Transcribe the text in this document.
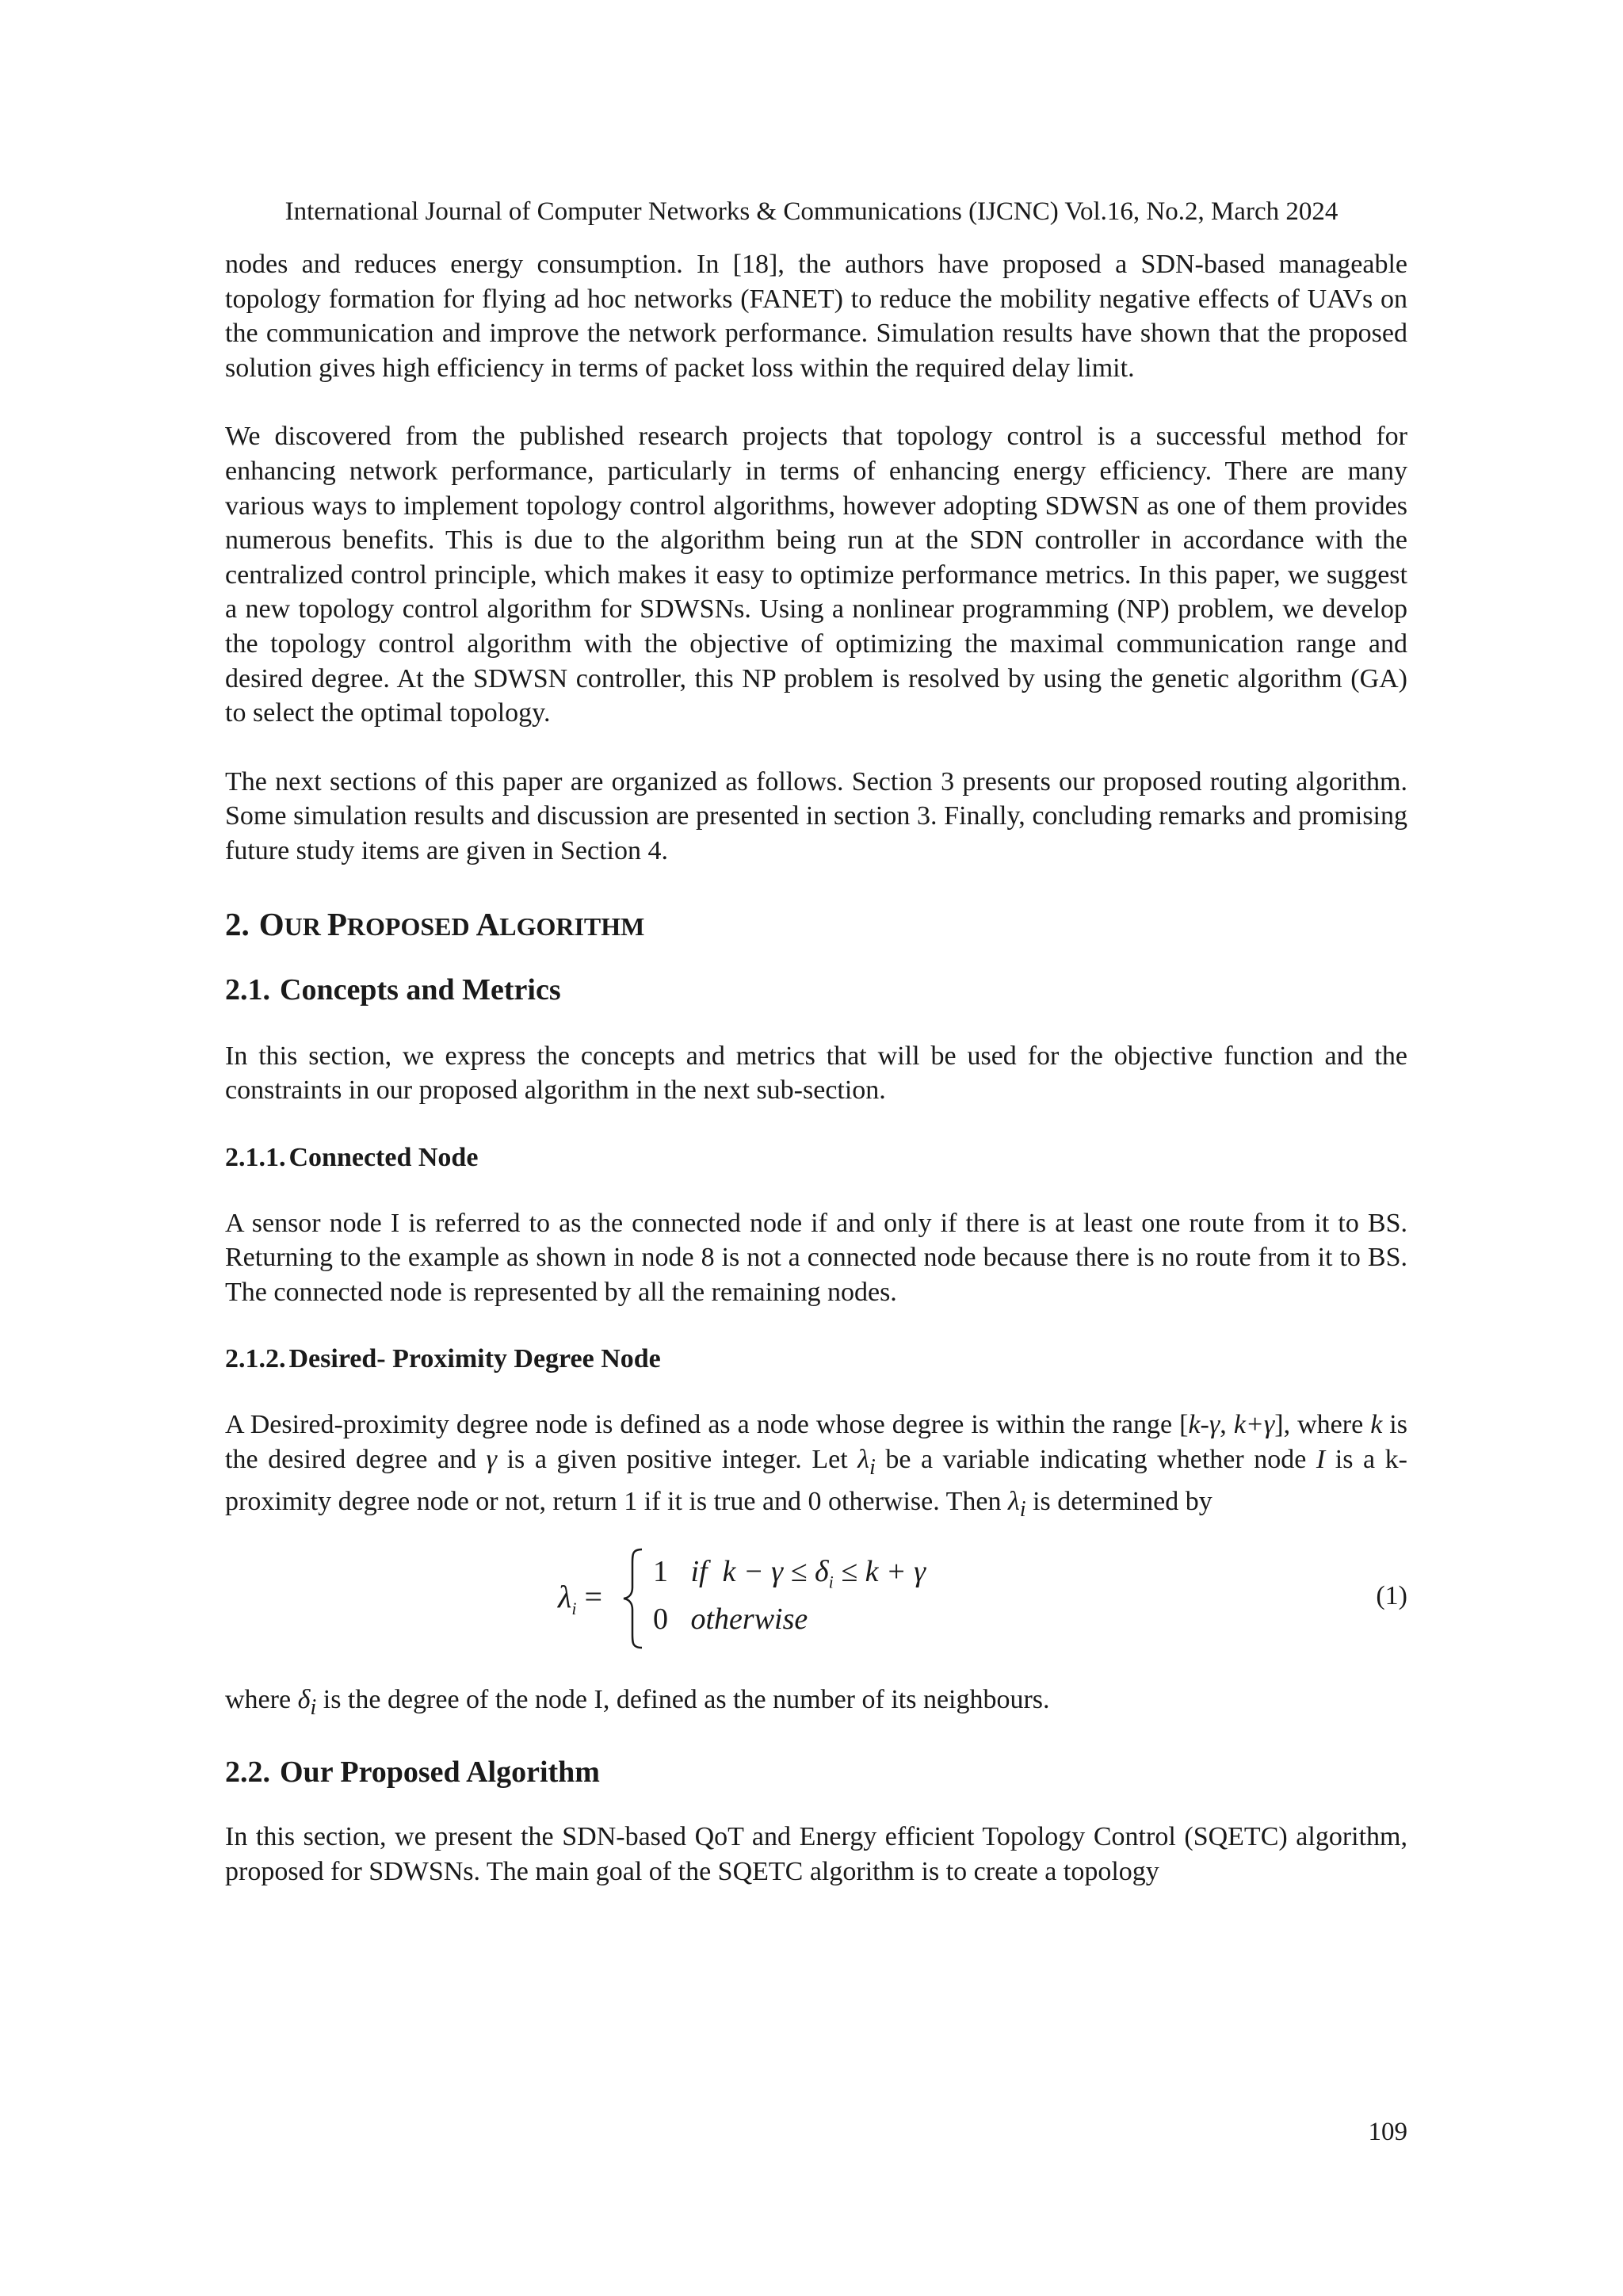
International Journal of Computer Networks & Communications (IJCNC) Vol.16, No.2, March 2024

nodes and reduces energy consumption. In [18], the authors have proposed a SDN-based manageable topology formation for flying ad hoc networks (FANET) to reduce the mobility negative effects of UAVs on the communication and improve the network performance. Simulation results have shown that the proposed solution gives high efficiency in terms of packet loss within the required delay limit.

We discovered from the published research projects that topology control is a successful method for enhancing network performance, particularly in terms of enhancing energy efficiency. There are many various ways to implement topology control algorithms, however adopting SDWSN as one of them provides numerous benefits. This is due to the algorithm being run at the SDN controller in accordance with the centralized control principle, which makes it easy to optimize performance metrics. In this paper, we suggest a new topology control algorithm for SDWSNs. Using a nonlinear programming (NP) problem, we develop the topology control algorithm with the objective of optimizing the maximal communication range and desired degree. At the SDWSN controller, this NP problem is resolved by using the genetic algorithm (GA) to select the optimal topology.

The next sections of this paper are organized as follows. Section 3 presents our proposed routing algorithm. Some simulation results and discussion are presented in section 3. Finally, concluding remarks and promising future study items are given in Section 4.

2. OUR PROPOSED ALGORITHM
2.1. Concepts and Metrics

In this section, we express the concepts and metrics that will be used for the objective function and the constraints in our proposed algorithm in the next sub-section.

2.1.1. Connected Node

A sensor node I is referred to as the connected node if and only if there is at least one route from it to BS. Returning to the example as shown in node 8 is not a connected node because there is no route from it to BS. The connected node is represented by all the remaining nodes.

2.1.2. Desired- Proximity Degree Node

A Desired-proximity degree node is defined as a node whose degree is within the range [k-γ, k+γ], where k is the desired degree and γ is a given positive integer. Let $\lambda_i$ be a variable indicating whether node I is a k-proximity degree node or not, return 1 if it is true and 0 otherwise. Then $\lambda_i$ is determined by

$\lambda_i$ =
1 if $k - \gamma \le \delta_i \le k + \gamma$
0 otherwise
(1)

where $\delta_i$ is the degree of the node I, defined as the number of its neighbours.

2.2. Our Proposed Algorithm

In this section, we present the SDN-based QoT and Energy efficient Topology Control (SQETC) algorithm, proposed for SDWSNs. The main goal of the SQETC algorithm is to create a topology

109
